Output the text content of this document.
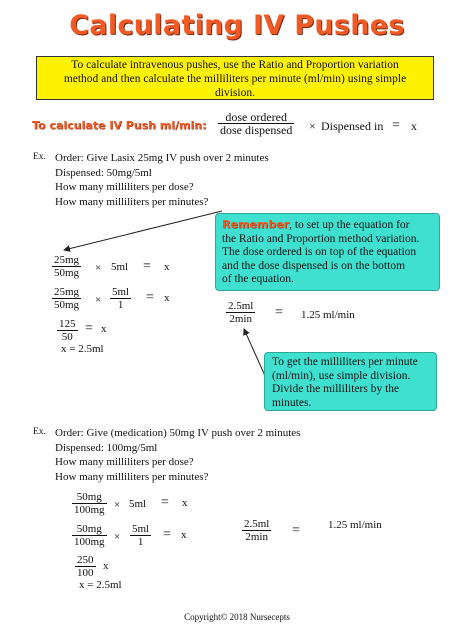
Calculating IV Pushes
To calculate intravenous pushes, use the Ratio and Proportion variation
method and then calculate the milliliters per minute (ml/min) using simple
division.
To calculate IV Push ml/min: $\frac{\text{dose ordered}}{\text{dose dispensed}}$ × Dispensed in = x
Ex. Order: Give Lasix 25mg IV push over 2 minutes
Dispensed: 50mg/5ml
How many milliliters per dose?
How many milliliters per minutes?
$\frac{25mg}{50mg} \times 5ml = x$
$\frac{25mg}{50mg} \times \frac{5ml}{1} = x$
$\frac{125}{50} = x$
x = 2.5ml
Remember, to set up the equation for
the Ratio and Proportion method variation.
The dose ordered is on top of the equation
and the dose dispensed is on the bottom
of the equation.
$\frac{2.5ml}{2\min} = 1.25$ ml/min
To get the milliliters per minute
(ml/min), use simple division.
Divide the milliliters by the
minutes.
Ex. Order: Give (medication) 50mg IV push over 2 minutes
Dispensed: 100mg/5ml
How many milliliters per dose?
How many milliliters per minutes?
$\frac{50mg}{100mg} \times 5ml = x$
$\frac{50mg}{100mg} \times \frac{5ml}{1} = x$
$\frac{250}{100}$ x
x = 2.5ml
$\frac{2.5ml}{2\min}$ =	1.25 ml/min
Copyright© 2018 Nursecepts
